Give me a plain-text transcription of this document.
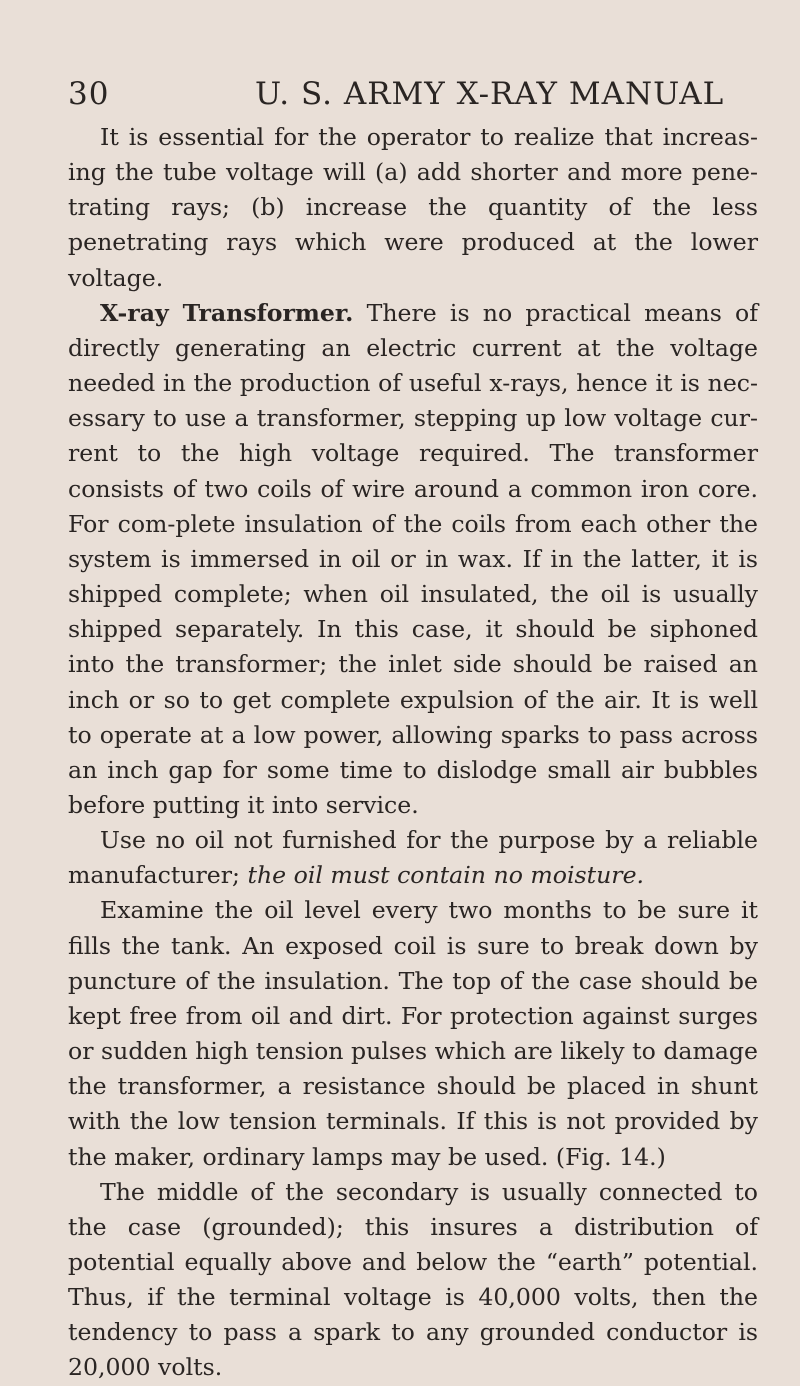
30	U. S. ARMY X-RAY MANUAL

It is essential for the operator to realize that increas-ing the tube voltage will (a) add shorter and more pene-trating rays; (b) increase the quantity of the less penetrating rays which were produced at the lower voltage.

X-ray Transformer. There is no practical means of directly generating an electric current at the voltage needed in the production of useful x-rays, hence it is nec-essary to use a transformer, stepping up low voltage cur-rent to the high voltage required. The transformer consists of two coils of wire around a common iron core. For com-plete insulation of the coils from each other the system is immersed in oil or in wax. If in the latter, it is shipped complete; when oil insulated, the oil is usually shipped separately. In this case, it should be siphoned into the transformer; the inlet side should be raised an inch or so to get complete expulsion of the air. It is well to operate at a low power, allowing sparks to pass across an inch gap for some time to dislodge small air bubbles before putting it into service.

Use no oil not furnished for the purpose by a reliable manufacturer; the oil must contain no moisture.

Examine the oil level every two months to be sure it fills the tank. An exposed coil is sure to break down by puncture of the insulation. The top of the case should be kept free from oil and dirt. For protection against surges or sudden high tension pulses which are likely to damage the transformer, a resistance should be placed in shunt with the low tension terminals. If this is not provided by the maker, ordinary lamps may be used. (Fig. 14.)

The middle of the secondary is usually connected to the case (grounded); this insures a distribution of potential equally above and below the “earth” potential. Thus, if the terminal voltage is 40,000 volts, then the tendency to pass a spark to any grounded conductor is 20,000 volts.
